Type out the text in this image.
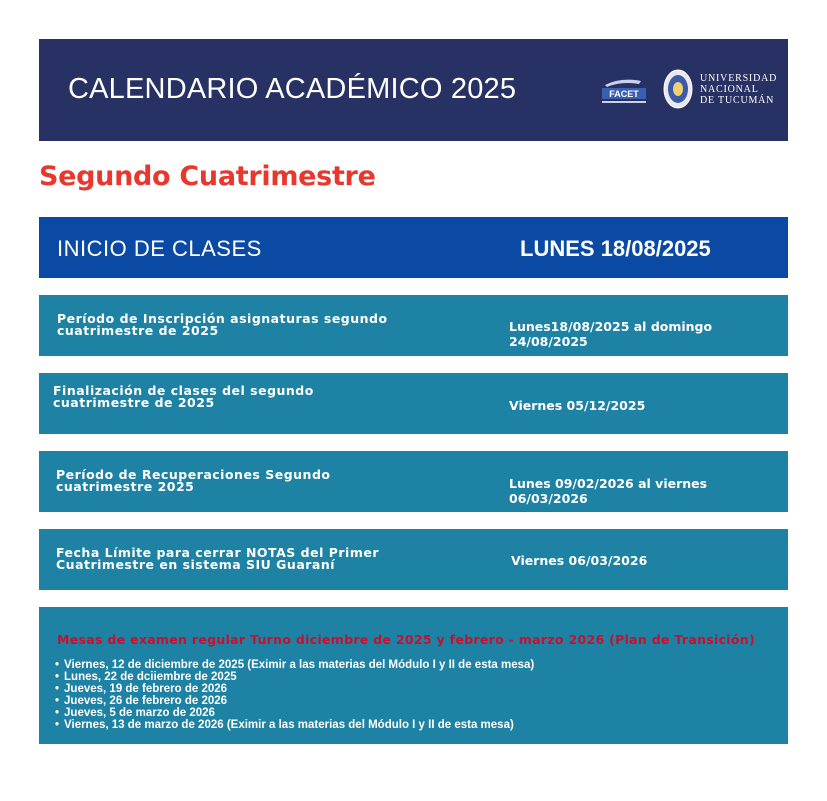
CALENDARIO ACADÉMICO 2025	FACET
UNIVERSIDAD
NACIONAL
DE TUCUMÁN
Segundo Cuatrimestre
INICIO DE CLASES	LUNES 18/08/2025
Período de Inscripción asignaturas segundo
cuatrimestre de 2025	Lunes18/08/2025 al domingo 24/08/2025
Finalización de clases del segundo
cuatrimestre de 2025	Viernes 05/12/2025
Período de Recuperaciones Segundo
cuatrimestre 2025	Lunes 09/02/2026 al viernes 06/03/2026
Fecha Límite para cerrar NOTAS del Primer
Cuatrimestre en sistema SIU Guaraní	Viernes 06/03/2026
Mesas de examen regular Turno diciembre de 2025 y febrero - marzo 2026 (Plan de Transición)
• Viernes, 12 de diciembre de 2025 (Eximir a las materias del Módulo I y II de esta mesa)
• Lunes, 22 de dciiembre de 2025
• Jueves, 19 de febrero de 2026
• Jueves, 26 de febrero de 2026
• Jueves, 5 de marzo de 2026
• Viernes, 13 de marzo de 2026 (Eximir a las materias del Módulo I y II de esta mesa)
